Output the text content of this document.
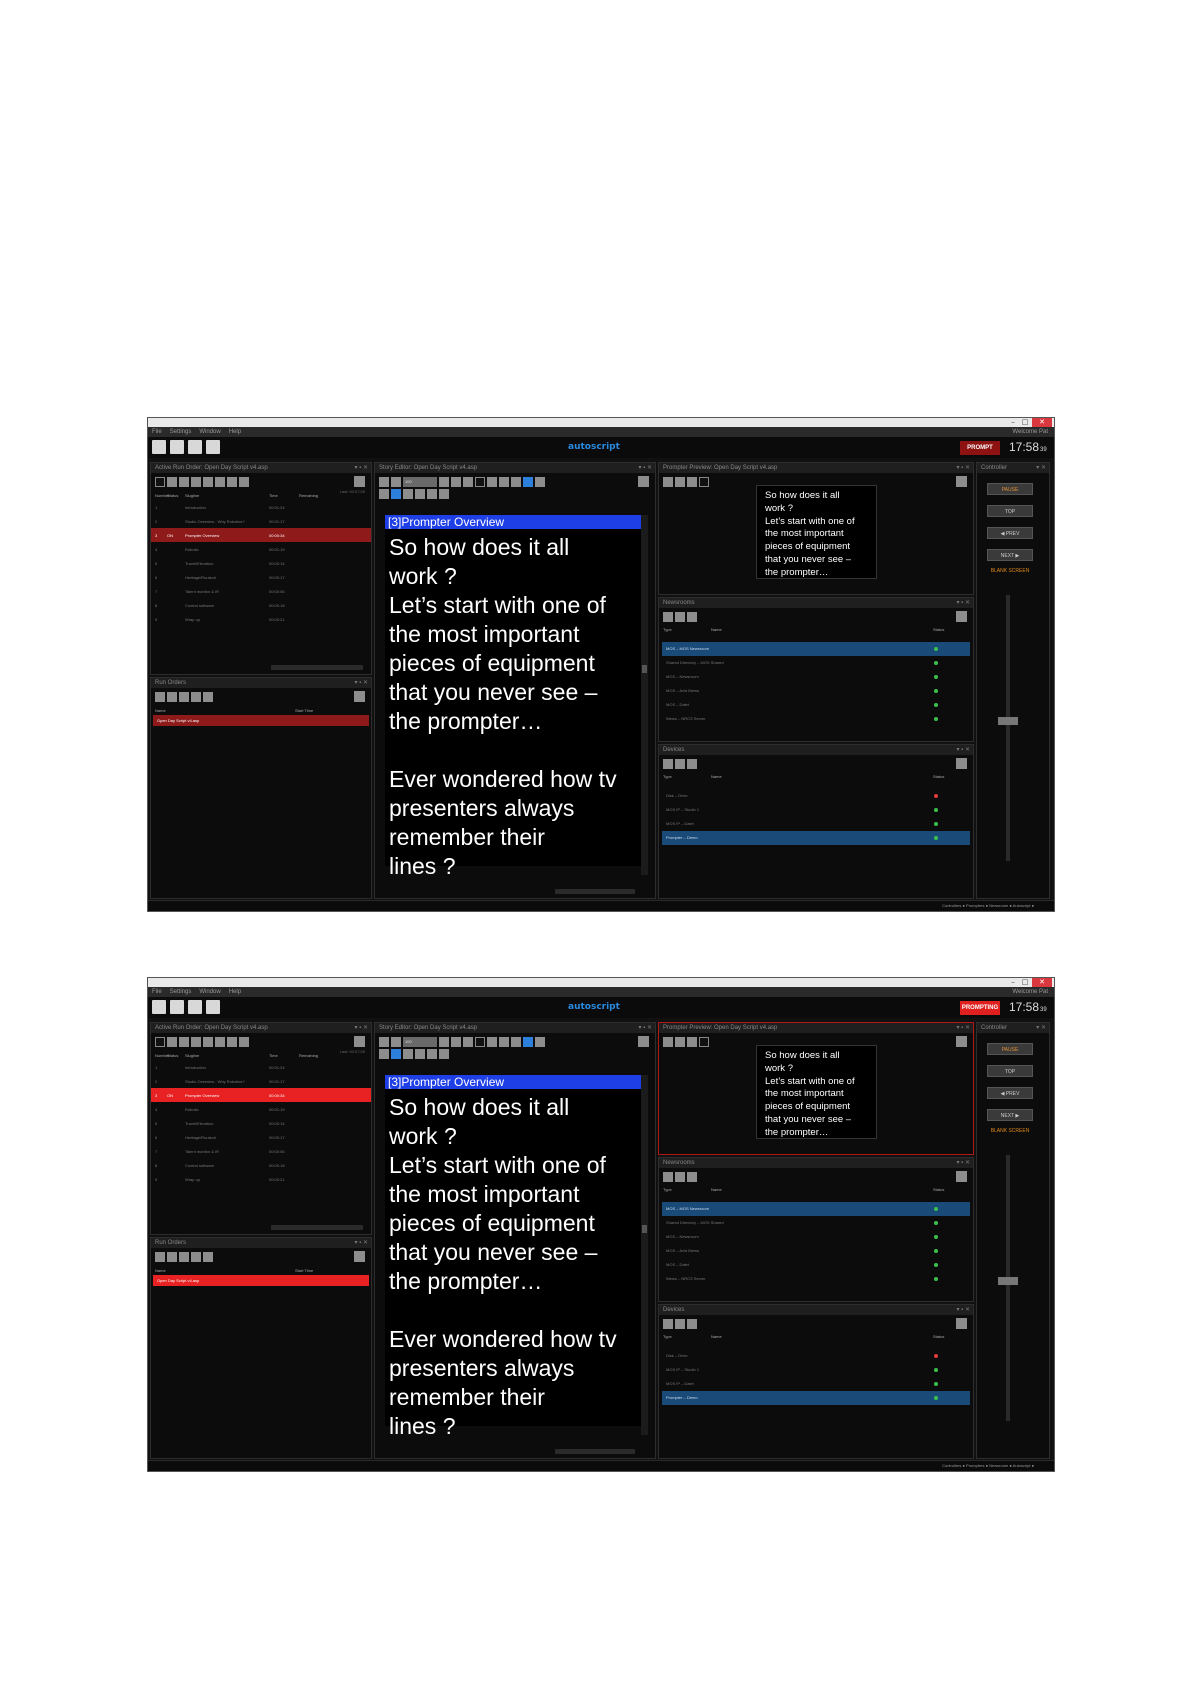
– □	✕
File Settings Window Help	Welcome Pat
autoscript	PROMPT	17:5839
Active Run Order: Open Day Script v4.asp	▾ ▪ ✕
Last: 00:07:59
Number
Status	Slugline	Time	Remaining
1	Introduction	00:01:24
2	Studio Overview - Why Robotics?	00:01:17
3	ON	Prompter Overview	00:00:34
4	Robotic	00:01:19
5	Travel/Elevation	00:00:14
6	Heritage/Routech	00:00:17
7	Talent monitor & IR	00:00:06
8	Control software	00:00:18
9	Wrap up	00:00:21
Run Orders	▾ ▪ ✕
Name	Start Time
Open Day Script v4.asp
Story Editor: Open Day Script v4.asp	▾ ▪ ✕
100
[3]Prompter Overview
So how does it all
work ?
Let’s start with one of
the most important
pieces of equipment
that you never see –
the prompter…

Ever wondered how tv
presenters always
remember their
lines ?
Prompter Preview: Open Day Script v4.asp	▾ ▪ ✕
So how does it all
work ?
Let’s start with one of
the most important
pieces of equipment
that you never see –
the prompter…
Newsrooms	▾ ▪ ✕
Type	Name	Status
MOS – MOS Newsroom
Shared Directory – MOS Shared
MOS – Newsroom
MOS – Avid iNews
MOS – Dalet
iNews – NRCS Server
Devices	▾ ▪ ✕
Type	Name	Status
Disk – Drive
MOS IP – Studio 1
MOS IP – Dalet
Prompter – Demo
Controller	▾ ✕
PAUSE
TOP
◀ PREV
NEXT ▶
BLANK SCREEN
Controllers ● Prompters ● Newsroom ● Autoscript ●
– □	✕
File Settings Window Help	Welcome Pat
autoscript	PROMPTING 17:5839
Active Run Order: Open Day Script v4.asp	▾ ▪ ✕
Last: 00:07:59
Number
Status	Slugline	Time	Remaining
1	Introduction	00:01:24
2	Studio Overview - Why Robotics?	00:01:17
3	ON	Prompter Overview	00:00:34
4	Robotic	00:01:19
5	Travel/Elevation	00:00:14
6	Heritage/Routech	00:00:17
7	Talent monitor & IR	00:00:06
8	Control software	00:00:18
9	Wrap up	00:00:21
Run Orders	▾ ▪ ✕
Name	Start Time
Open Day Script v4.asp
Story Editor: Open Day Script v4.asp	▾ ▪ ✕
100
[3]Prompter Overview
So how does it all
work ?
Let’s start with one of
the most important
pieces of equipment
that you never see –
the prompter…

Ever wondered how tv
presenters always
remember their
lines ?
Prompter Preview: Open Day Script v4.asp	▾ ▪ ✕
So how does it all
work ?
Let’s start with one of
the most important
pieces of equipment
that you never see –
the prompter…
Newsrooms	▾ ▪ ✕
Type	Name	Status
MOS – MOS Newsroom
Shared Directory – MOS Shared
MOS – Newsroom
MOS – Avid iNews
MOS – Dalet
iNews – NRCS Server
Devices	▾ ▪ ✕
Type	Name	Status
Disk – Drive
MOS IP – Studio 1
MOS IP – Dalet
Prompter – Demo
Controller	▾ ✕
PAUSE
TOP
◀ PREV
NEXT ▶
BLANK SCREEN
Controllers ● Prompters ● Newsroom ● Autoscript ●
